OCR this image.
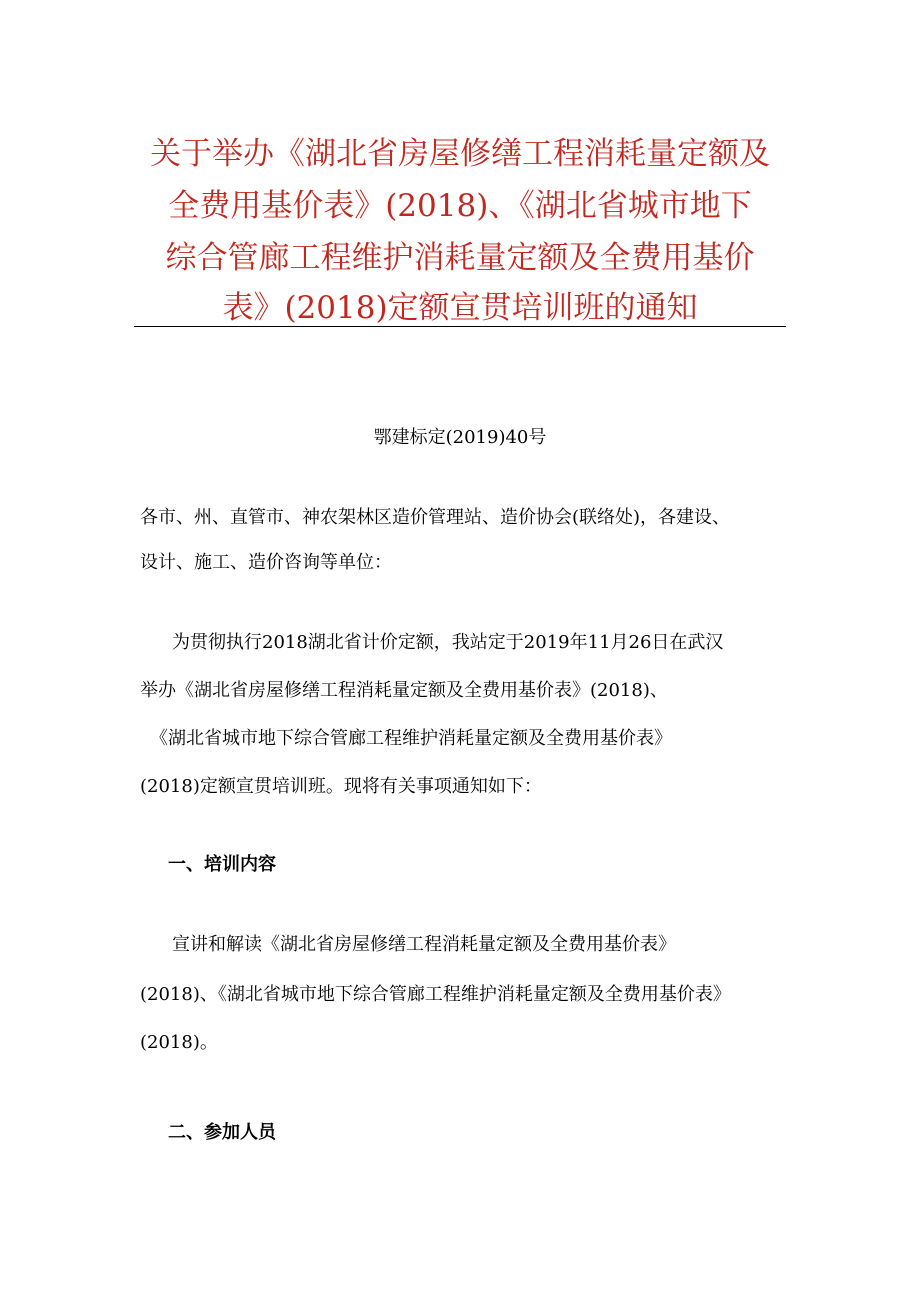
关于举办《湖北省房屋修缮工程消耗量定额及
全费用基价表》(2018)、《湖北省城市地下
综合管廊工程维护消耗量定额及全费用基价
表》(2018)定额宣贯培训班的通知
鄂建标定(2019)40号
各市、州、直管市、神农架林区造价管理站、造价协会(联络处)，各建设、
设计、施工、造价咨询等单位：
为贯彻执行2018湖北省计价定额，我站定于2019年11月26日在武汉
举办《湖北省房屋修缮工程消耗量定额及全费用基价表》(2018)、
《湖北省城市地下综合管廊工程维护消耗量定额及全费用基价表》
(2018)定额宣贯培训班。现将有关事项通知如下：
一、培训内容
宣讲和解读《湖北省房屋修缮工程消耗量定额及全费用基价表》
(2018)、《湖北省城市地下综合管廊工程维护消耗量定额及全费用基价表》
(2018)。
二、参加人员
